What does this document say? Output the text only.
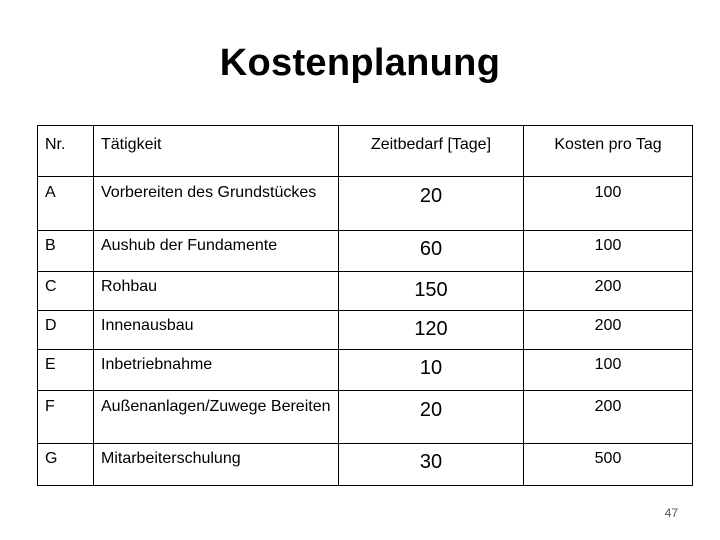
Kostenplanung
Nr.	Tätigkeit	Zeitbedarf [Tage]	Kosten pro Tag

A	Vorbereiten des Grundstückes	20	100

B	Aushub der Fundamente	60	100

C	Rohbau	150	200

D	Innenausbau	120	200

E	Inbetriebnahme	10	100

F	Außenanlagen/Zuwege Bereiten	20	200

G	Mitarbeiterschulung	30	500
47
